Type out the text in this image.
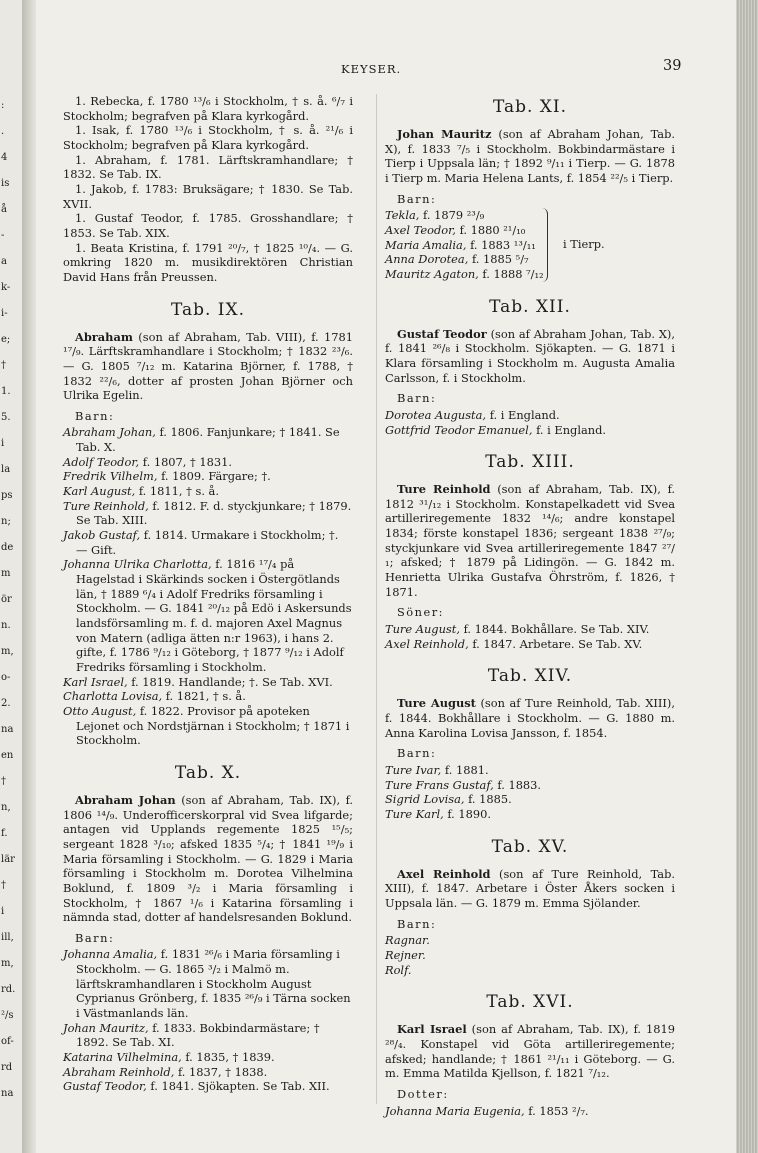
:
.
4
is
å
-
a
k-
i-
e;
†
1.
5.
i
la
ps
n;
de
m
ör
n.
m,
o-
2.
na
en
†
n,
f.
lär
†
i
ill,
m,
rd.
²/s
of-
rd
na
KEYSER.	39

1. Rebecka, f. 1780 ¹³/₆ i Stockholm, † s. å. ⁶/₇ i Stockholm; begrafven på Klara kyrkogård.

1. Isak, f. 1780 ¹³/₆ i Stockholm, † s. å. ²¹/₆ i Stockholm; begrafven på Klara kyrkogård.

1. Abraham, f. 1781. Lärftskramhandlare; † 1832. Se Tab. IX.

1. Jakob, f. 1783: Bruksägare; † 1830. Se Tab. XVII.

1. Gustaf Teodor, f. 1785. Grosshandlare; † 1853. Se Tab. XIX.

1. Beata Kristina, f. 1791 ²⁰/₇, † 1825 ¹⁰/₄. — G. omkring 1820 m. musikdirektören Christian David Hans från Preussen.

Tab. IX.

Abraham (son af Abraham, Tab. VIII), f. 1781 ¹⁷/₉. Lärftskramhandlare i Stockholm; † 1832 ²³/₆. — G. 1805 ⁷/₁₂ m. Katarina Björner, f. 1788, † 1832 ²²/₆, dotter af prosten Johan Björner och Ulrika Egelin.

Barn:
Abraham Johan, f. 1806. Fanjunkare; † 1841. Se Tab. X.
Adolf Teodor, f. 1807, † 1831.
Fredrik Vilhelm, f. 1809. Färgare; †.
Karl August, f. 1811, † s. å.
Ture Reinhold, f. 1812. F. d. styckjunkare; † 1879. Se Tab. XIII.
Jakob Gustaf, f. 1814. Urmakare i Stockholm; †. — Gift.
Johanna Ulrika Charlotta, f. 1816 ¹⁷/₄ på Hagelstad i Skärkinds socken i Östergötlands län, † 1889 ⁶/₄ i Adolf Fredriks församling i Stockholm. — G. 1841 ²⁰/₁₂ på Edö i Askersunds landsförsamling m. f. d. majoren Axel Magnus von Matern (adliga ätten n:r 1963), i hans 2. gifte, f. 1786 ⁹/₁₂ i Göteborg, † 1877 ⁹/₁₂ i Adolf Fredriks församling i Stockholm.
Karl Israel, f. 1819. Handlande; †. Se Tab. XVI.
Charlotta Lovisa, f. 1821, † s. å.
Otto August, f. 1822. Provisor på apoteken Lejonet och Nordstjärnan i Stockholm; † 1871 i Stockholm.
Tab. X.

Abraham Johan (son af Abraham, Tab. IX), f. 1806 ¹⁴/₉. Underofficerskorpral vid Svea lifgarde; antagen vid Upplands regemente 1825 ¹⁵/₅; sergeant 1828 ³/₁₀; afsked 1835 ⁵/₄; † 1841 ¹⁹/₉ i Maria församling i Stockholm. — G. 1829 i Maria församling i Stockholm m. Dorotea Vilhelmina Boklund, f. 1809 ³/₂ i Maria församling i Stockholm, † 1867 ¹/₆ i Katarina församling i nämnda stad, dotter af handelsresanden Boklund.

Barn:
Johanna Amalia, f. 1831 ²⁶/₆ i Maria församling i Stockholm. — G. 1865 ³/₂ i Malmö m. lärftskramhandlaren i Stockholm August Cyprianus Grönberg, f. 1835 ²⁶/₉ i Tärna socken i Västmanlands län.
Johan Mauritz, f. 1833. Bokbindarmästare; † 1892. Se Tab. XI.
Katarina Vilhelmina, f. 1835, † 1839.
Abraham Reinhold, f. 1837, † 1838.
Gustaf Teodor, f. 1841. Sjökapten. Se Tab. XII.
Tab. XI.

Johan Mauritz (son af Abraham Johan, Tab. X), f. 1833 ⁷/₅ i Stockholm. Bokbindarmästare i Tierp i Uppsala län; † 1892 ⁹/₁₁ i Tierp. — G. 1878 i Tierp m. Maria Helena Lants, f. 1854 ²²/₅ i Tierp.

Barn:
Tekla, f. 1879 ²³/₉
Axel Teodor, f. 1880 ²¹/₁₀
Maria Amalia, f. 1883 ¹³/₁₁
Anna Dorotea, f. 1885 ⁵/₇
Mauritz Agaton, f. 1888 ⁷/₁₂
i Tierp.
Tab. XII.

Gustaf Teodor (son af Abraham Johan, Tab. X), f. 1841 ²⁶/₈ i Stockholm. Sjökapten. — G. 1871 i Klara församling i Stockholm m. Augusta Amalia Carlsson, f. i Stockholm.

Barn:
Dorotea Augusta, f. i England.
Gottfrid Teodor Emanuel, f. i England.
Tab. XIII.

Ture Reinhold (son af Abraham, Tab. IX), f. 1812 ³¹/₁₂ i Stockholm. Konstapelkadett vid Svea artilleriregemente 1832 ¹⁴/₆; andre konstapel 1834; förste konstapel 1836; sergeant 1838 ²⁷/₉; styckjunkare vid Svea artilleriregemente 1847 ²⁷/₁; afsked; † 1879 på Lidingön. — G. 1842 m. Henrietta Ulrika Gustafva Öhrström, f. 1826, † 1871.

Söner:
Ture August, f. 1844. Bokhållare. Se Tab. XIV.
Axel Reinhold, f. 1847. Arbetare. Se Tab. XV.
Tab. XIV.

Ture August (son af Ture Reinhold, Tab. XIII), f. 1844. Bokhållare i Stockholm. — G. 1880 m. Anna Karolina Lovisa Jansson, f. 1854.

Barn:
Ture Ivar, f. 1881.
Ture Frans Gustaf, f. 1883.
Sigrid Lovisa, f. 1885.
Ture Karl, f. 1890.
Tab. XV.

Axel Reinhold (son af Ture Reinhold, Tab. XIII), f. 1847. Arbetare i Öster Åkers socken i Uppsala län. — G. 1879 m. Emma Sjölander.

Barn:
Ragnar.
Rejner.
Rolf.
Tab. XVI.

Karl Israel (son af Abraham, Tab. IX), f. 1819 ²⁸/₄. Konstapel vid Göta artilleriregemente; afsked; handlande; † 1861 ²¹/₁₁ i Göteborg. — G. m. Emma Matilda Kjellson, f. 1821 ⁷/₁₂.

Dotter:
Johanna Maria Eugenia, f. 1853 ²/₇.
